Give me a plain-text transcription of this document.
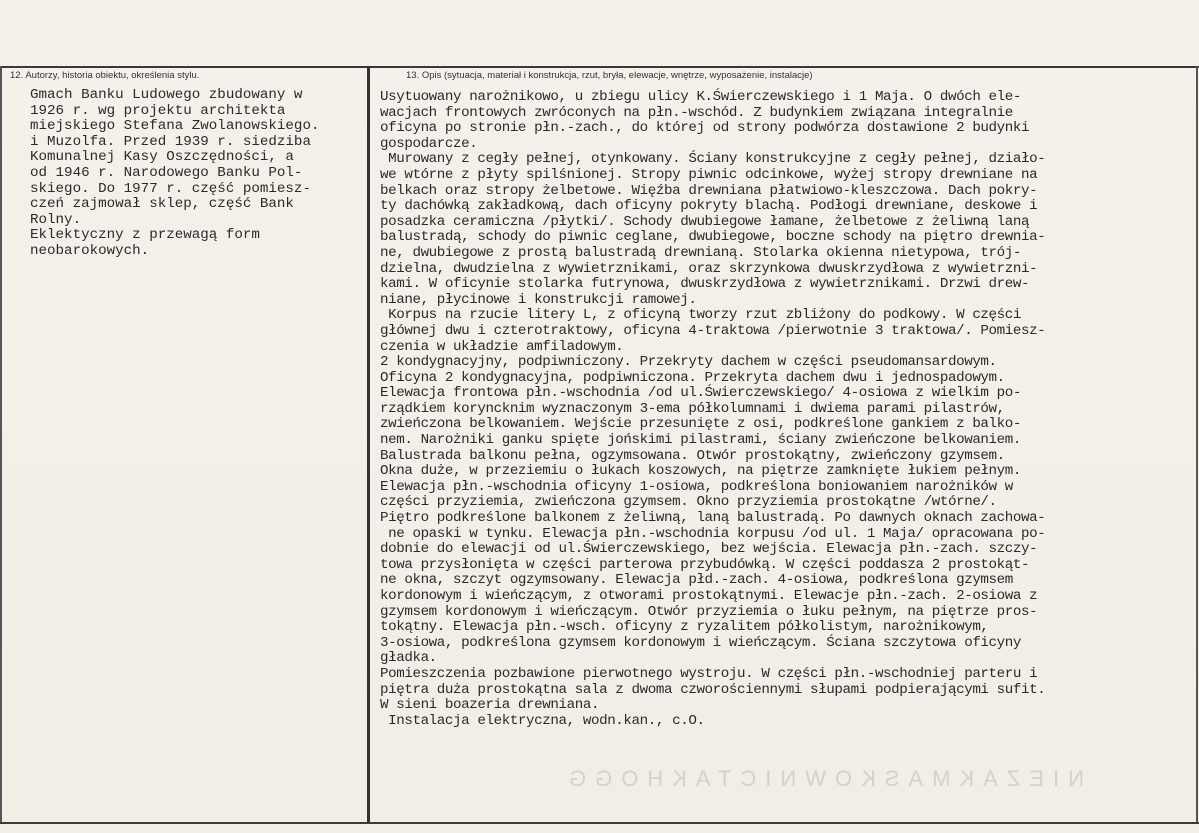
12. Autorzy, historia obiektu, określenia stylu.	13. Opis (sytuacja, materiał i konstrukcja, rzut, bryła, elewacje, wnętrze, wyposażenie, instalacje)
Gmach Banku Ludowego zbudowany w
1926 r. wg projektu architekta
miejskiego Stefana Zwolanowskiego.
i Muzolfa. Przed 1939 r. siedziba
Komunalnej Kasy Oszczędności, a
od 1946 r. Narodowego Banku Pol-
skiego. Do 1977 r. część pomiesz-
czeń zajmował sklep, część Bank
Rolny.
Eklektyczny z przewagą form
neobarokowych.
Usytuowany narożnikowo, u zbiegu ulicy K.Świerczewskiego i 1 Maja. O dwóch ele-
wacjach frontowych zwróconych na płn.-wschód. Z budynkiem związana integralnie
oficyna po stronie płn.-zach., do której od strony podwórza dostawione 2 budynki
gospodarcze.
Murowany z cegły pełnej, otynkowany. Ściany konstrukcyjne z cegły pełnej, działo-
we wtórne z płyty spilśnionej. Stropy piwnic odcinkowe, wyżej stropy drewniane na
belkach oraz stropy żelbetowe. Więźba drewniana płatwiowo-kleszczowa. Dach pokry-
ty dachówką zakładkową, dach oficyny pokryty blachą. Podłogi drewniane, deskowe i
posadzka ceramiczna /płytki/. Schody dwubiegowe łamane, żelbetowe z żeliwną laną
balustradą, schody do piwnic ceglane, dwubiegowe, boczne schody na piętro drewnia-
ne, dwubiegowe z prostą balustradą drewnianą. Stolarka okienna nietypowa, trój-
dzielna, dwudzielna z wywietrznikami, oraz skrzynkowa dwuskrzydłowa z wywietrzni-
kami. W oficynie stolarka futrynowa, dwuskrzydłowa z wywietrznikami. Drzwi drew-
niane, płycinowe i konstrukcji ramowej.
Korpus na rzucie litery L, z oficyną tworzy rzut zbliżony do podkowy. W części
głównej dwu i czterotraktowy, oficyna 4-traktowa /pierwotnie 3 traktowa/. Pomiesz-
czenia w układzie amfiladowym.
2 kondygnacyjny, podpiwniczony. Przekryty dachem w części pseudomansardowym.
Oficyna 2 kondygnacyjna, podpiwniczona. Przekryta dachem dwu i jednospadowym.
Elewacja frontowa płn.-wschodnia /od ul.Świerczewskiego/ 4-osiowa z wielkim po-
rządkiem koryncknim wyznaczonym 3-ema półkolumnami i dwiema parami pilastrów,
zwieńczona belkowaniem. Wejście przesunięte z osi, podkreślone gankiem z balko-
nem. Narożniki ganku spięte jońskimi pilastrami, ściany zwieńczone belkowaniem.
Balustrada balkonu pełna, ogzymsowana. Otwór prostokątny, zwieńczony gzymsem.
Okna duże, w przeziemiu o łukach koszowych, na piętrze zamknięte łukiem pełnym.
Elewacja płn.-wschodnia oficyny 1-osiowa, podkreślona boniowaniem narożników w
części przyziemia, zwieńczona gzymsem. Okno przyziemia prostokątne /wtórne/.
Piętro podkreślone balkonem z żeliwną, laną balustradą. Po dawnych oknach zachowa-
ne opaski w tynku. Elewacja płn.-wschodnia korpusu /od ul. 1 Maja/ opracowana po-
dobnie do elewacji od ul.Świerczewskiego, bez wejścia. Elewacja płn.-zach. szczy-
towa przysłonięta w części parterowa przybudówką. W części poddasza 2 prostokąt-
ne okna, szczyt ogzymsowany. Elewacja płd.-zach. 4-osiowa, podkreślona gzymsem
kordonowym i wieńczącym, z otworami prostokątnymi. Elewacje płn.-zach. 2-osiowa z
gzymsem kordonowym i wieńczącym. Otwór przyziemia o łuku pełnym, na piętrze pros-
tokątny. Elewacja płn.-wsch. oficyny z ryzalitem półkolistym, narożnikowym,
3-osiowa, podkreślona gzymsem kordonowym i wieńczącym. Ściana szczytowa oficyny
gładka.
Pomieszczenia pozbawione pierwotnego wystroju. W części płn.-wschodniej parteru i
piętra duża prostokątna sala z dwoma czworościennymi słupami podpierającymi sufit.
W sieni boazeria drewniana.
Instalacja elektryczna, wodn.kan., c.O.
NIEZAKMASKOWNICTAKHOGG
